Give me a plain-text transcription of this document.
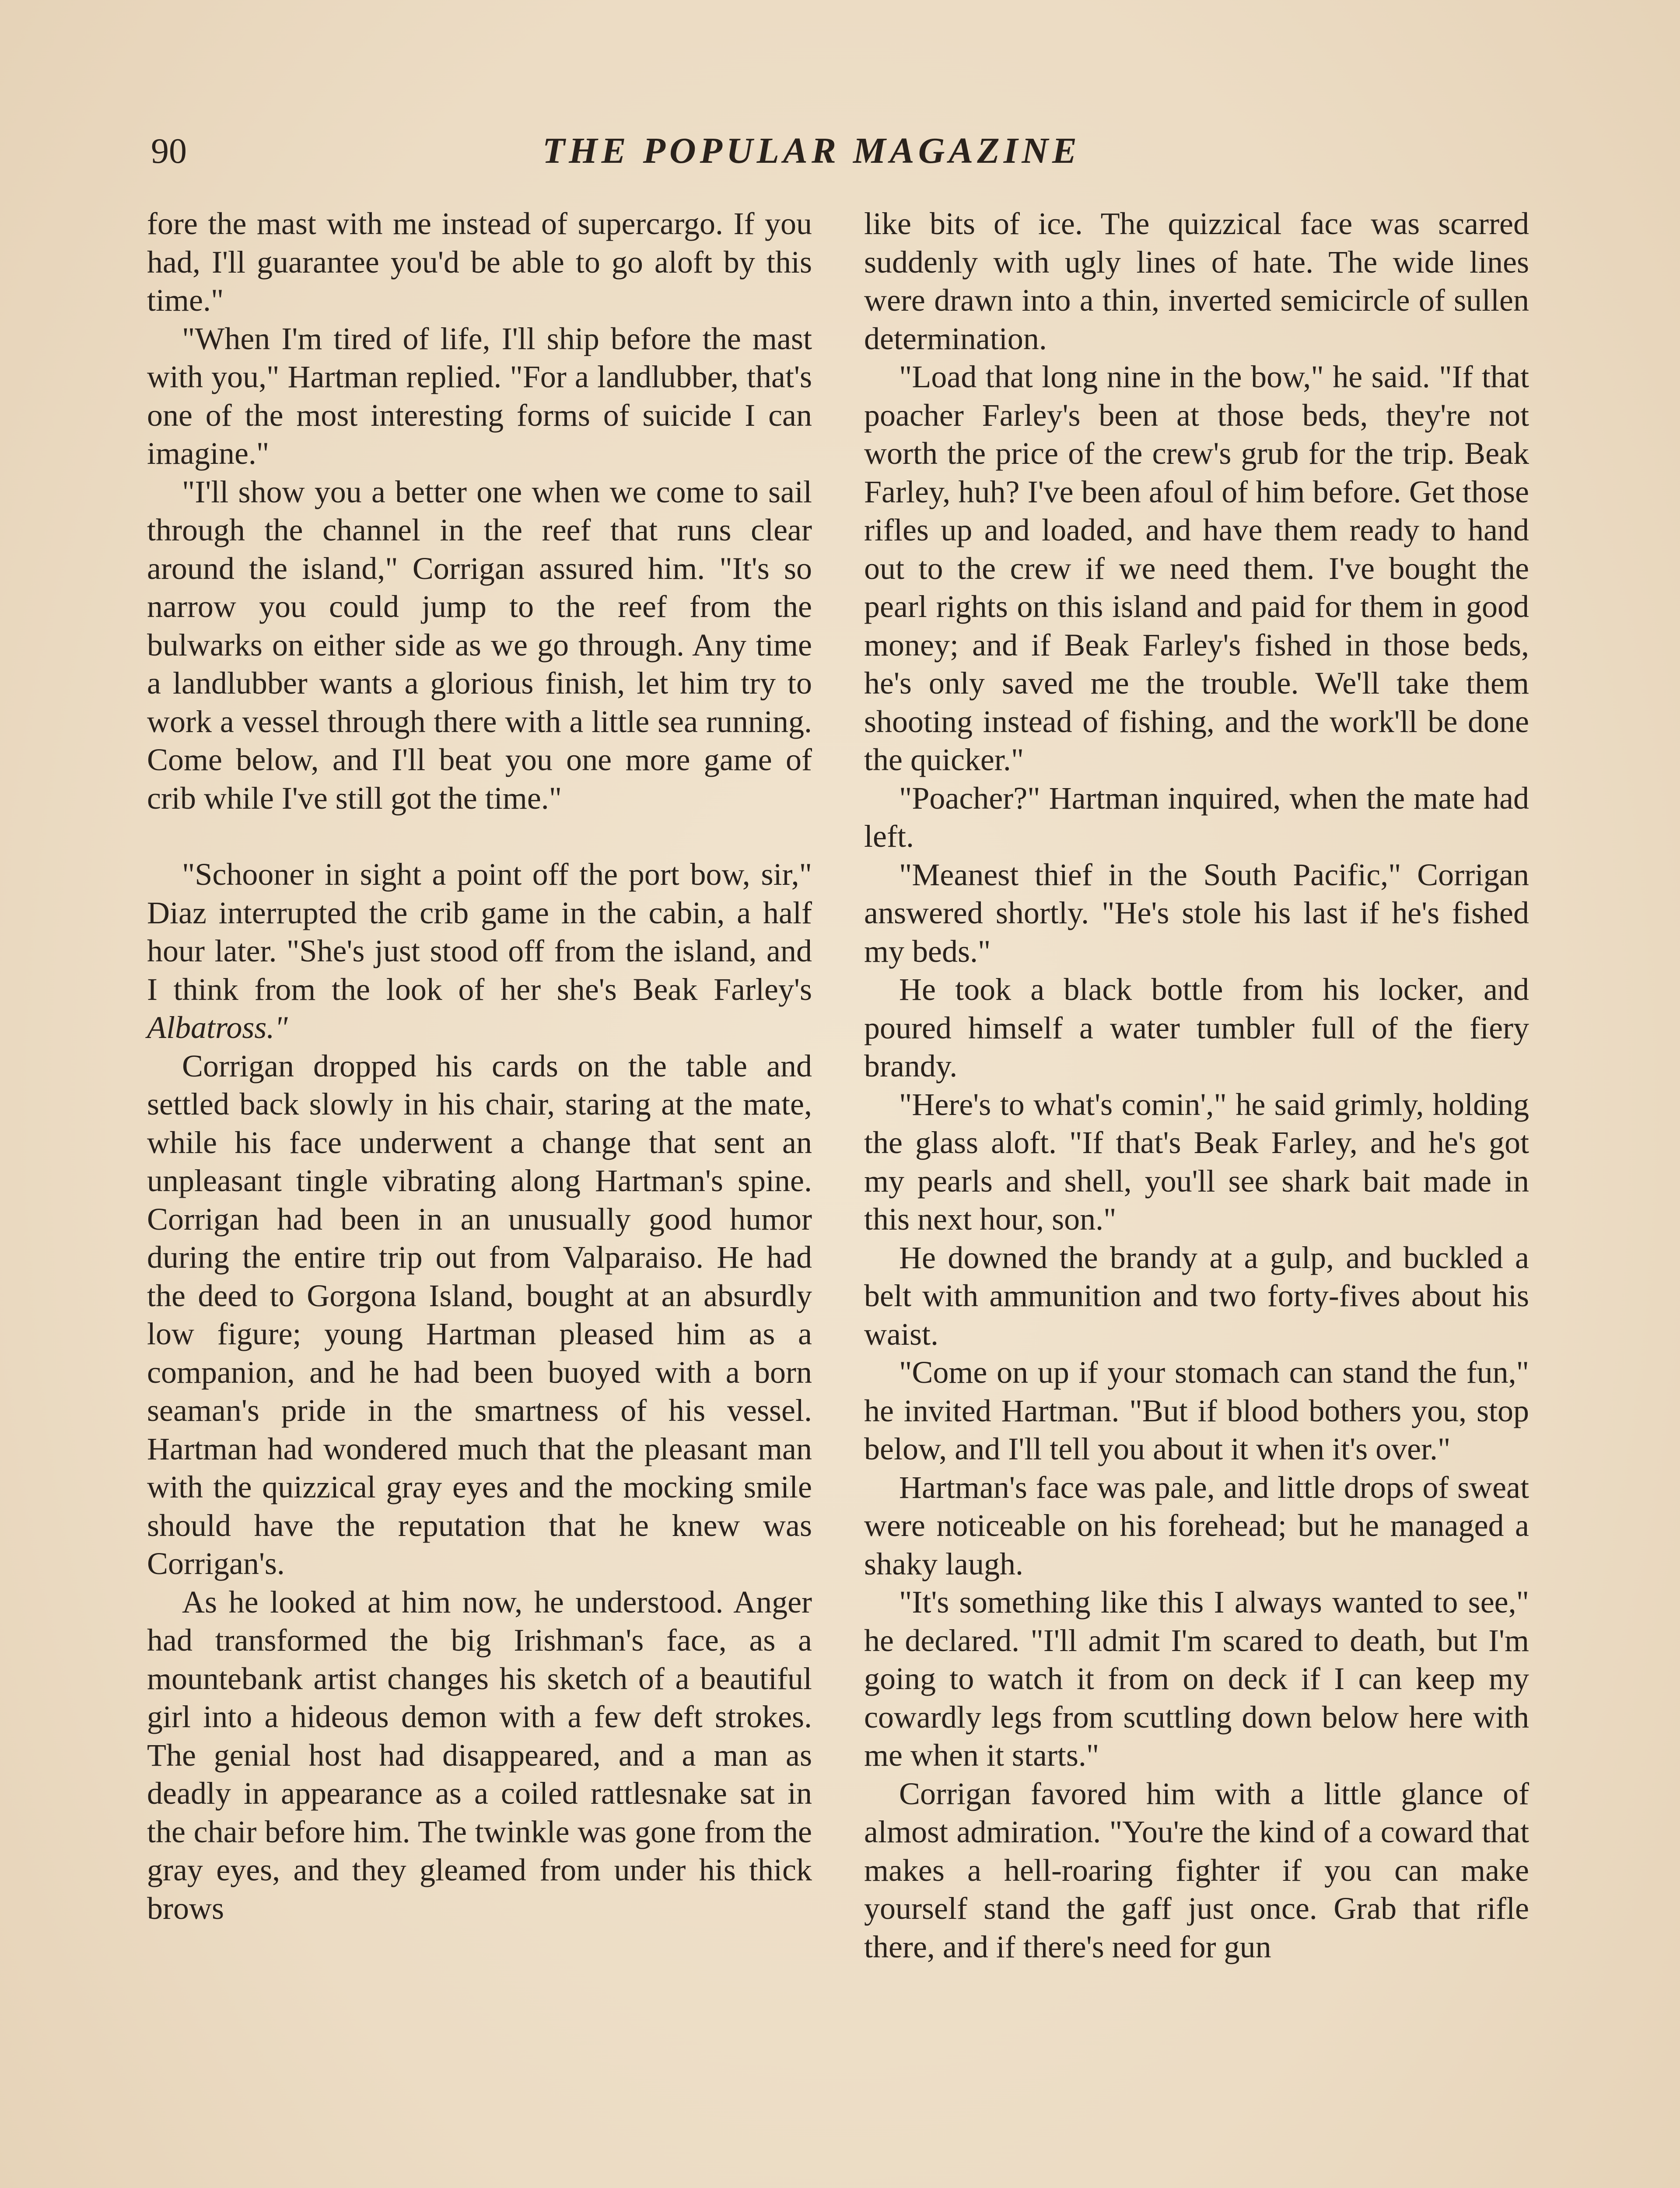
90	THE POPULAR MAGAZINE

fore the mast with me instead of supercargo. If you had, I'll guarantee you'd be able to go aloft by this time."

"When I'm tired of life, I'll ship before the mast with you," Hartman replied. "For a landlubber, that's one of the most interesting forms of suicide I can imagine."

"I'll show you a better one when we come to sail through the channel in the reef that runs clear around the island," Corrigan assured him. "It's so narrow you could jump to the reef from the bulwarks on either side as we go through. Any time a landlubber wants a glorious finish, let him try to work a vessel through there with a little sea running. Come below, and I'll beat you one more game of crib while I've still got the time."

"Schooner in sight a point off the port bow, sir," Diaz interrupted the crib game in the cabin, a half hour later. "She's just stood off from the island, and I think from the look of her she's Beak Farley's Albatross."

Corrigan dropped his cards on the table and settled back slowly in his chair, staring at the mate, while his face underwent a change that sent an unpleasant tingle vibrating along Hartman's spine. Corrigan had been in an unusually good humor during the entire trip out from Valparaiso. He had the deed to Gorgona Island, bought at an absurdly low figure; young Hartman pleased him as a companion, and he had been buoyed with a born seaman's pride in the smartness of his vessel. Hartman had wondered much that the pleasant man with the quizzical gray eyes and the mocking smile should have the reputation that he knew was Corrigan's.

As he looked at him now, he understood. Anger had transformed the big Irishman's face, as a mountebank artist changes his sketch of a beautiful girl into a hideous demon with a few deft strokes. The genial host had disappeared, and a man as deadly in appearance as a coiled rattlesnake sat in the chair before him. The twinkle was gone from the gray eyes, and they gleamed from under his thick brows

like bits of ice. The quizzical face was scarred suddenly with ugly lines of hate. The wide lines were drawn into a thin, inverted semicircle of sullen determination.

"Load that long nine in the bow," he said. "If that poacher Farley's been at those beds, they're not worth the price of the crew's grub for the trip. Beak Farley, huh? I've been afoul of him before. Get those rifles up and loaded, and have them ready to hand out to the crew if we need them. I've bought the pearl rights on this island and paid for them in good money; and if Beak Farley's fished in those beds, he's only saved me the trouble. We'll take them shooting instead of fishing, and the work'll be done the quicker."

"Poacher?" Hartman inquired, when the mate had left.

"Meanest thief in the South Pacific," Corrigan answered shortly. "He's stole his last if he's fished my beds."

He took a black bottle from his locker, and poured himself a water tumbler full of the fiery brandy.

"Here's to what's comin'," he said grimly, holding the glass aloft. "If that's Beak Farley, and he's got my pearls and shell, you'll see shark bait made in this next hour, son."

He downed the brandy at a gulp, and buckled a belt with ammunition and two forty-fives about his waist.

"Come on up if your stomach can stand the fun," he invited Hartman. "But if blood bothers you, stop below, and I'll tell you about it when it's over."

Hartman's face was pale, and little drops of sweat were noticeable on his forehead; but he managed a shaky laugh.

"It's something like this I always wanted to see," he declared. "I'll admit I'm scared to death, but I'm going to watch it from on deck if I can keep my cowardly legs from scuttling down below here with me when it starts."

Corrigan favored him with a little glance of almost admiration. "You're the kind of a coward that makes a hell-roaring fighter if you can make yourself stand the gaff just once. Grab that rifle there, and if there's need for gun
